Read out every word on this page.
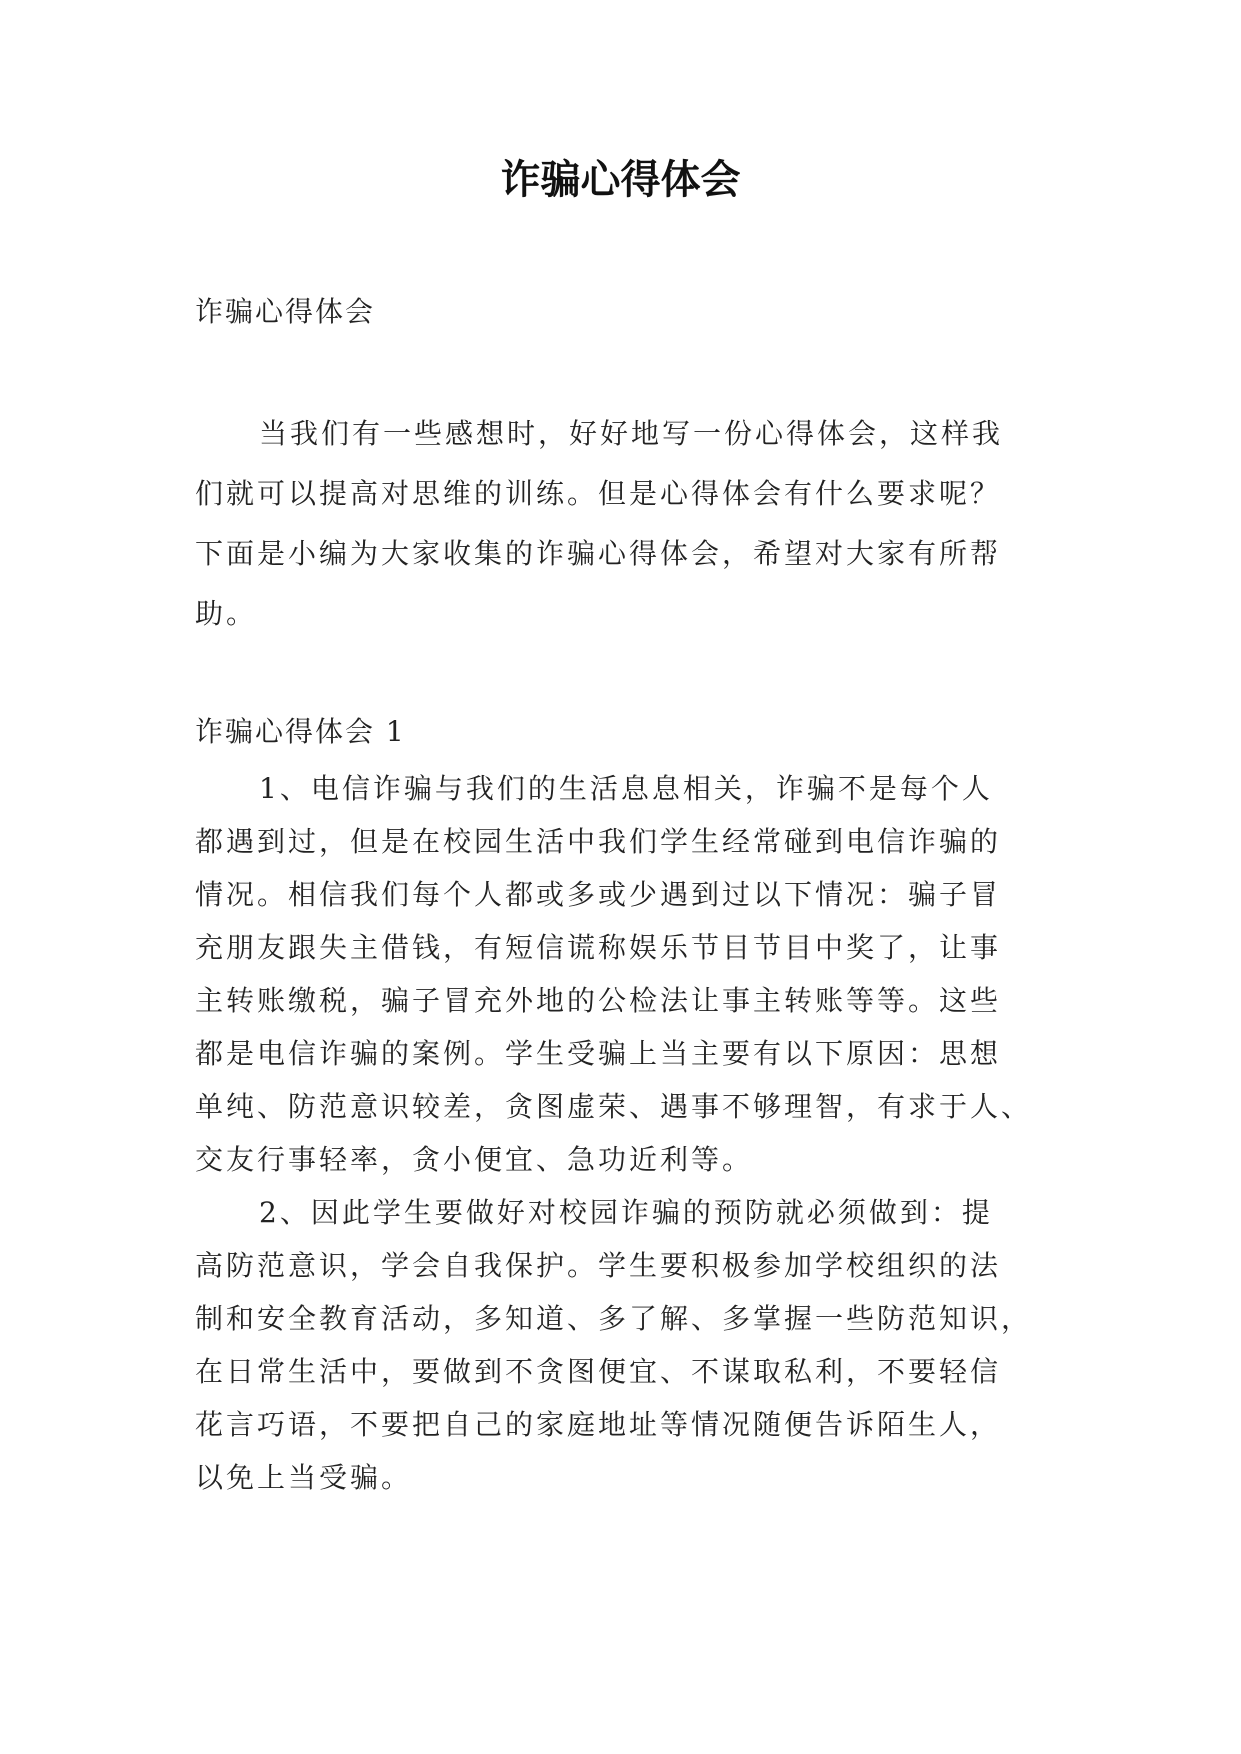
诈骗心得体会

诈骗心得体会

当我们有一些感想时，好好地写一份心得体会，这样我
们就可以提高对思维的训练。但是心得体会有什么要求呢？
下面是小编为大家收集的诈骗心得体会，希望对大家有所帮
助。

诈骗心得体会 1

1、电信诈骗与我们的生活息息相关，诈骗不是每个人
都遇到过，但是在校园生活中我们学生经常碰到电信诈骗的
情况。相信我们每个人都或多或少遇到过以下情况：骗子冒
充朋友跟失主借钱，有短信谎称娱乐节目节目中奖了，让事
主转账缴税，骗子冒充外地的公检法让事主转账等等。这些
都是电信诈骗的案例。学生受骗上当主要有以下原因：思想
单纯、防范意识较差，贪图虚荣、遇事不够理智，有求于人、
交友行事轻率，贪小便宜、急功近利等。
2、因此学生要做好对校园诈骗的预防就必须做到：提
高防范意识，学会自我保护。学生要积极参加学校组织的法
制和安全教育活动，多知道、多了解、多掌握一些防范知识，
在日常生活中，要做到不贪图便宜、不谋取私利，不要轻信
花言巧语，不要把自己的家庭地址等情况随便告诉陌生人，
以免上当受骗。
